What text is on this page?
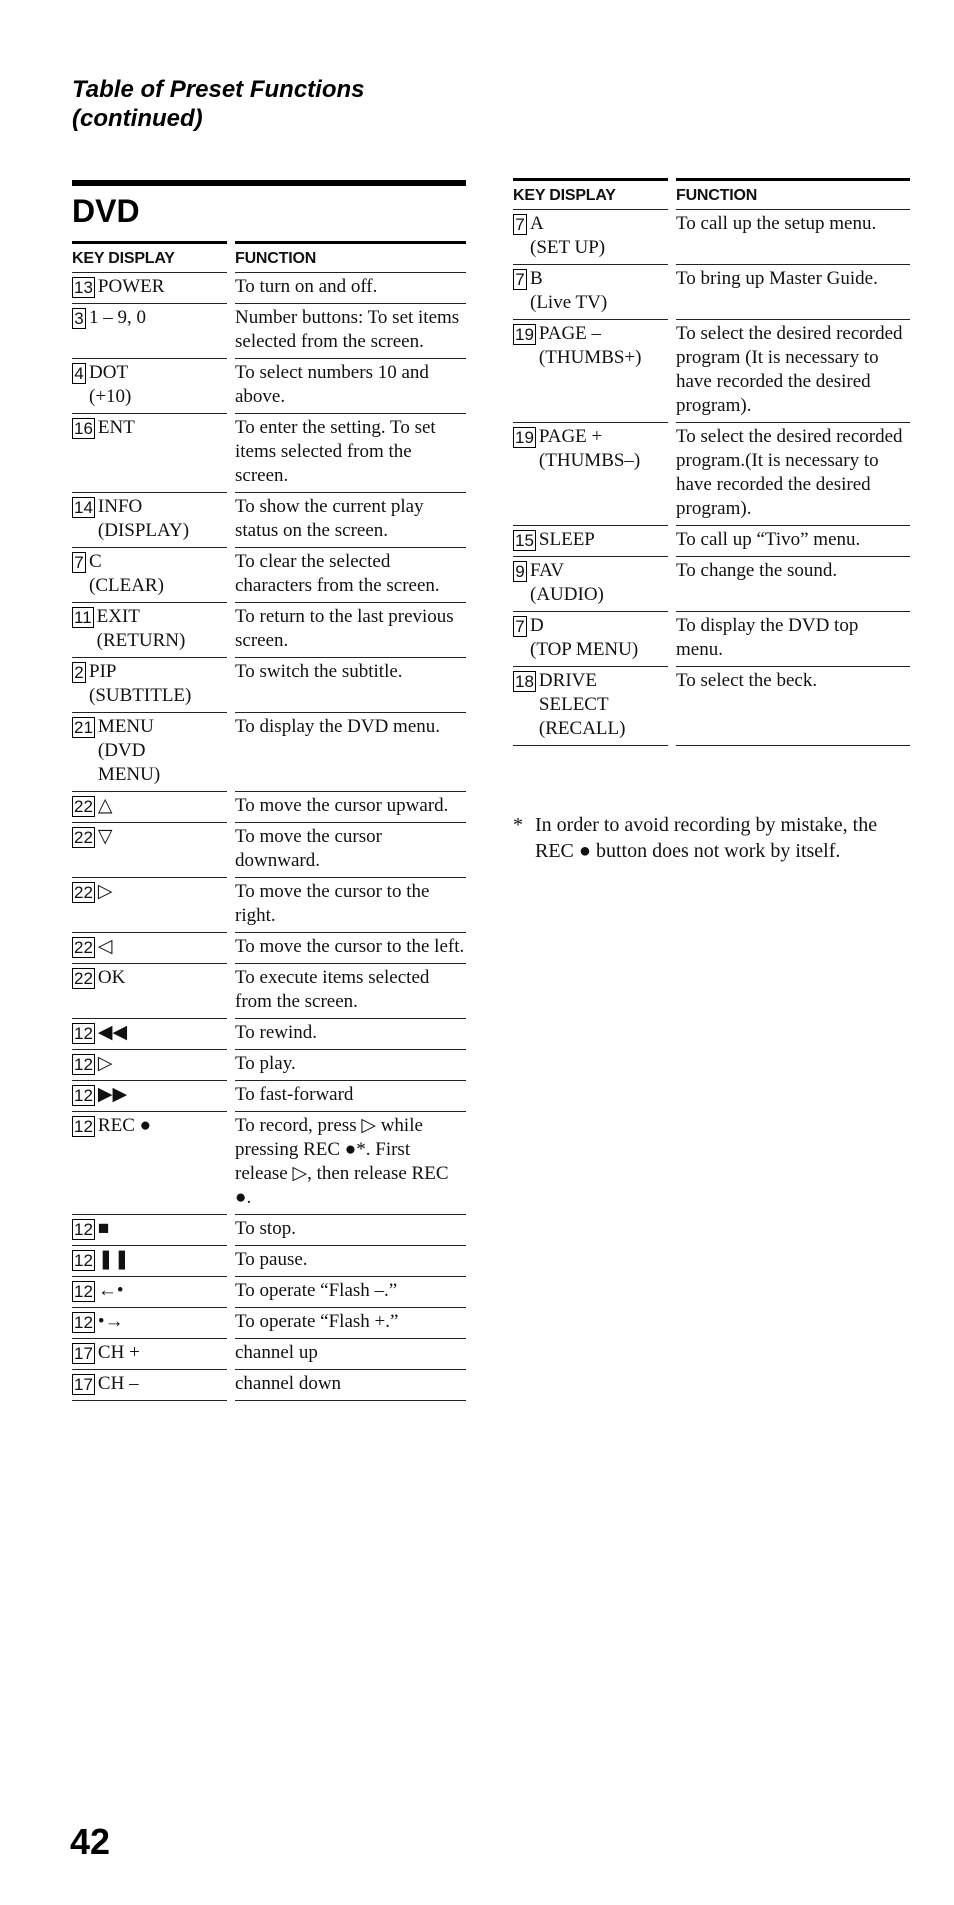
Table of Preset Functions
(continued)
DVD
KEY DISPLAY		FUNCTION

13 POWER		To turn on and off.

3 1 – 9, 0		Number buttons: To set items selected from the screen.

4 DOT
(+10)		To select numbers 10 and above.

16 ENT		To enter the setting. To set items selected from the screen.

14 INFO
(DISPLAY)		To show the current play status on the screen.

7 C
(CLEAR)		To clear the selected characters from the screen.

11 EXIT
(RETURN)		To return to the last previous screen.

2 PIP
(SUBTITLE)		To switch the subtitle.

21 MENU
(DVD
MENU)		To display the DVD menu.

22 △		To move the cursor upward.

22 ▽		To move the cursor downward.

22 ▷		To move the cursor to the right.

22 ◁		To move the cursor to the left.

22 OK		To execute items selected from the screen.

12 ◀◀		To rewind.

12 ▷		To play.

12 ▶▶		To fast-forward

12 REC ●		To record, press ▷ while pressing REC ●*. First release ▷, then release REC ●.

12 ■		To stop.

12 ❚❚		To pause.

12 ←•		To operate “Flash –.”

12 •→		To operate “Flash +.”

17 CH +		channel up

17 CH –		channel down
KEY DISPLAY		FUNCTION

7 A
(SET UP)		To call up the setup menu.

7 B
(Live TV)		To bring up Master Guide.

19 PAGE –
(THUMBS+)		To select the desired recorded program (It is necessary to have recorded the desired program).

19 PAGE +
(THUMBS–)		To select the desired recorded program.(It is necessary to have recorded the desired program).

15 SLEEP		To call up “Tivo” menu.

9 FAV
(AUDIO)		To change the sound.

7 D
(TOP MENU)		To display the DVD top menu.

18 DRIVE
SELECT
(RECALL)		To select the beck.
* In order to avoid recording by mistake, the REC ● button does not work by itself.
42
